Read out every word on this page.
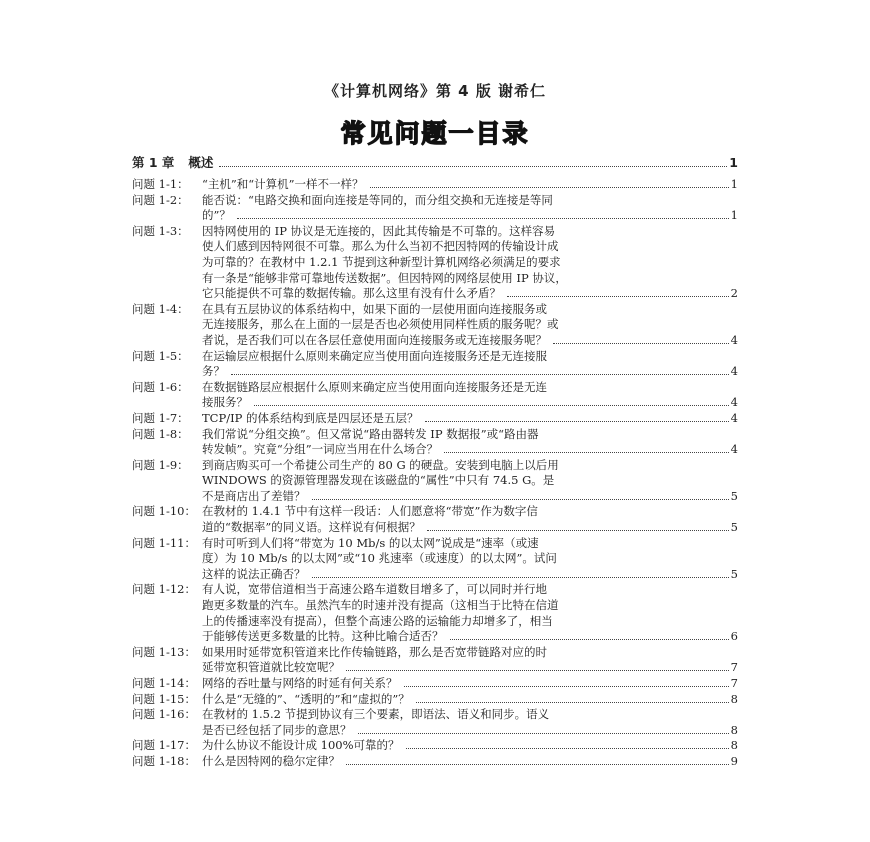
《计算机网络》第 4 版 谢希仁
常见问题一目录
第 1 章 概述	1
问题 1-1：	“主机”和“计算机”一样不一样？	1
问题 1-2：	能否说：“电路交换和面向连接是等同的，而分组交换和无连接是等同
的”？	1
问题 1-3：	因特网使用的 IP 协议是无连接的，因此其传输是不可靠的。这样容易
使人们感到因特网很不可靠。那么为什么当初不把因特网的传输设计成
为可靠的？在教材中 1.2.1 节提到这种新型计算机网络必须满足的要求
有一条是“能够非常可靠地传送数据”。但因特网的网络层使用 IP 协议，
它只能提供不可靠的数据传输。那么这里有没有什么矛盾？	2
问题 1-4：	在具有五层协议的体系结构中，如果下面的一层使用面向连接服务或
无连接服务，那么在上面的一层是否也必须使用同样性质的服务呢？或
者说，是否我们可以在各层任意使用面向连接服务或无连接服务呢？	4
问题 1-5：	在运输层应根据什么原则来确定应当使用面向连接服务还是无连接服
务？	4
问题 1-6：	在数据链路层应根据什么原则来确定应当使用面向连接服务还是无连
接服务？	4
问题 1-7：	TCP/IP 的体系结构到底是四层还是五层？	4
问题 1-8：	我们常说“分组交换”。但又常说“路由器转发 IP 数据报”或“路由器
转发帧”。究竟“分组”一词应当用在什么场合？	4
问题 1-9：	到商店购买可一个希捷公司生产的 80 G 的硬盘。安装到电脑上以后用
WINDOWS 的资源管理器发现在该磁盘的“属性”中只有 74.5 G。是
不是商店出了差错？	5
问题 1-10： 在教材的 1.4.1 节中有这样一段话：人们愿意将“带宽”作为数字信
道的“数据率”的同义语。这样说有何根据？	5
问题 1-11： 有时可听到人们将“带宽为 10 Mb/s 的以太网”说成是“速率（或速
度）为 10 Mb/s 的以太网”或“10 兆速率（或速度）的以太网”。试问
这样的说法正确否？	5
问题 1-12： 有人说，宽带信道相当于高速公路车道数目增多了，可以同时并行地
跑更多数量的汽车。虽然汽车的时速并没有提高（这相当于比特在信道
上的传播速率没有提高），但整个高速公路的运输能力却增多了，相当
于能够传送更多数量的比特。这种比喻合适否？	6
问题 1-13： 如果用时延带宽积管道来比作传输链路，那么是否宽带链路对应的时
延带宽积管道就比较宽呢？	7
问题 1-14： 网络的吞吐量与网络的时延有何关系？	7
问题 1-15： 什么是“无缝的”、“透明的”和“虚拟的”？	8
问题 1-16： 在教材的 1.5.2 节提到协议有三个要素，即语法、语义和同步。语义
是否已经包括了同步的意思？	8
问题 1-17： 为什么协议不能设计成 100%可靠的？	8
问题 1-18： 什么是因特网的稳尔定律？	9
